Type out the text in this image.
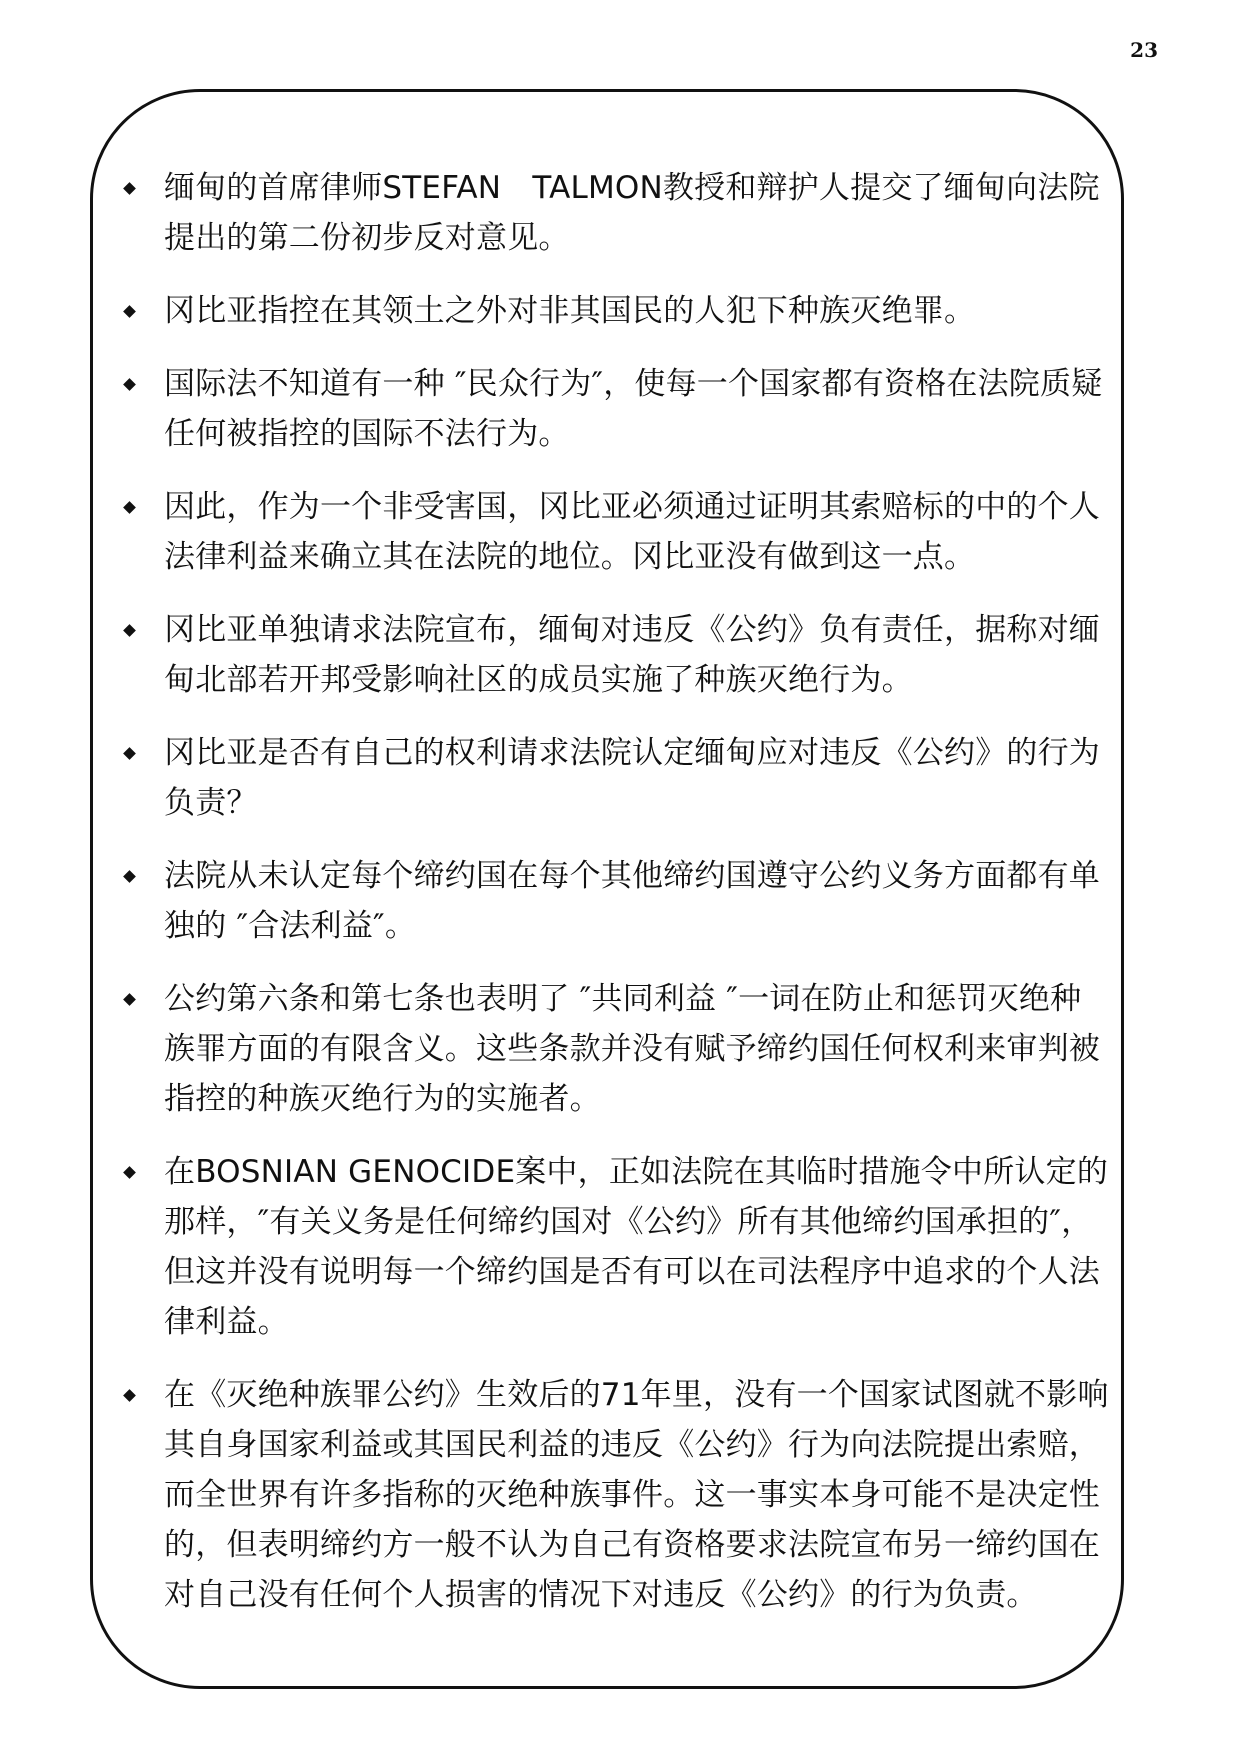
23
缅甸的首席律师STEFAN　TALMON教授和辩护人提交了缅甸向法院提出的第二份初步反对意见。
冈比亚指控在其领土之外对非其国民的人犯下种族灭绝罪。
国际法不知道有一种 ″民众行为″，使每一个国家都有资格在法院质疑任何被指控的国际不法行为。
因此，作为一个非受害国，冈比亚必须通过证明其索赔标的中的个人法律利益来确立其在法院的地位。冈比亚没有做到这一点。
冈比亚单独请求法院宣布，缅甸对违反《公约》负有责任，据称对缅甸北部若开邦受影响社区的成员实施了种族灭绝行为。
冈比亚是否有自己的权利请求法院认定缅甸应对违反《公约》的行为负责？
法院从未认定每个缔约国在每个其他缔约国遵守公约义务方面都有单独的 ″合法利益″。
公约第六条和第七条也表明了 ″共同利益 ″一词在防止和惩罚灭绝种族罪方面的有限含义。这些条款并没有赋予缔约国任何权利来审判被指控的种族灭绝行为的实施者。
在BOSNIAN GENOCIDE案中，正如法院在其临时措施令中所认定的那样，″有关义务是任何缔约国对《公约》所有其他缔约国承担的″，但这并没有说明每一个缔约国是否有可以在司法程序中追求的个人法律利益。
在《灭绝种族罪公约》生效后的71年里，没有一个国家试图就不影响其自身国家利益或其国民利益的违反《公约》行为向法院提出索赔，而全世界有许多指称的灭绝种族事件。这一事实本身可能不是决定性的，但表明缔约方一般不认为自己有资格要求法院宣布另一缔约国在对自己没有任何个人损害的情况下对违反《公约》的行为负责。
